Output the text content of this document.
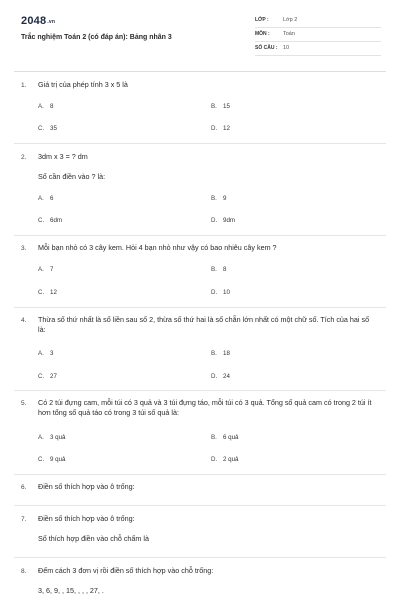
2048.vn
Trắc nghiệm Toán 2 (có đáp án): Bảng nhân 3
LỚP :	Lớp 2
MÔN : Toán
SỐ CÂU : 10
1. Giá trị của phép tính 3 x 5 là
A. 8	B. 15
C. 35	D. 12
2. 3dm x 3 = ? dm
Số cần điền vào ? là:
A. 6	B. 9
C. 6dm	D. 9dm
3. Mỗi bạn nhỏ có 3 cây kem. Hỏi 4 bạn nhỏ như vậy có bao nhiêu cây kem ?
A. 7	B. 8
C. 12	D. 10
4. Thừa số thứ nhất là số liền sau số 2, thừa số thứ hai là số chẵn lớn nhất có một chữ số. Tích của hai số là:
A. 3	B. 18
C. 27	D. 24
5. Có 2 túi đựng cam, mỗi túi có 3 quả và 3 túi đựng táo, mỗi túi có 3 quả. Tổng số quả cam có trong 2 túi ít hơn tổng số quả táo có trong 3 túi số quả là:
A. 3 quả	B. 6 quả
C. 9 quả	D. 2 quả
6. Điền số thích hợp vào ô trống:
7. Điền số thích hợp vào ô trống:
Số thích hợp điền vào chỗ chấm là
8. Đếm cách 3 đơn vị rồi điền số thích hợp vào chỗ trống:
3, 6, 9, , 15, , , , 27, .
